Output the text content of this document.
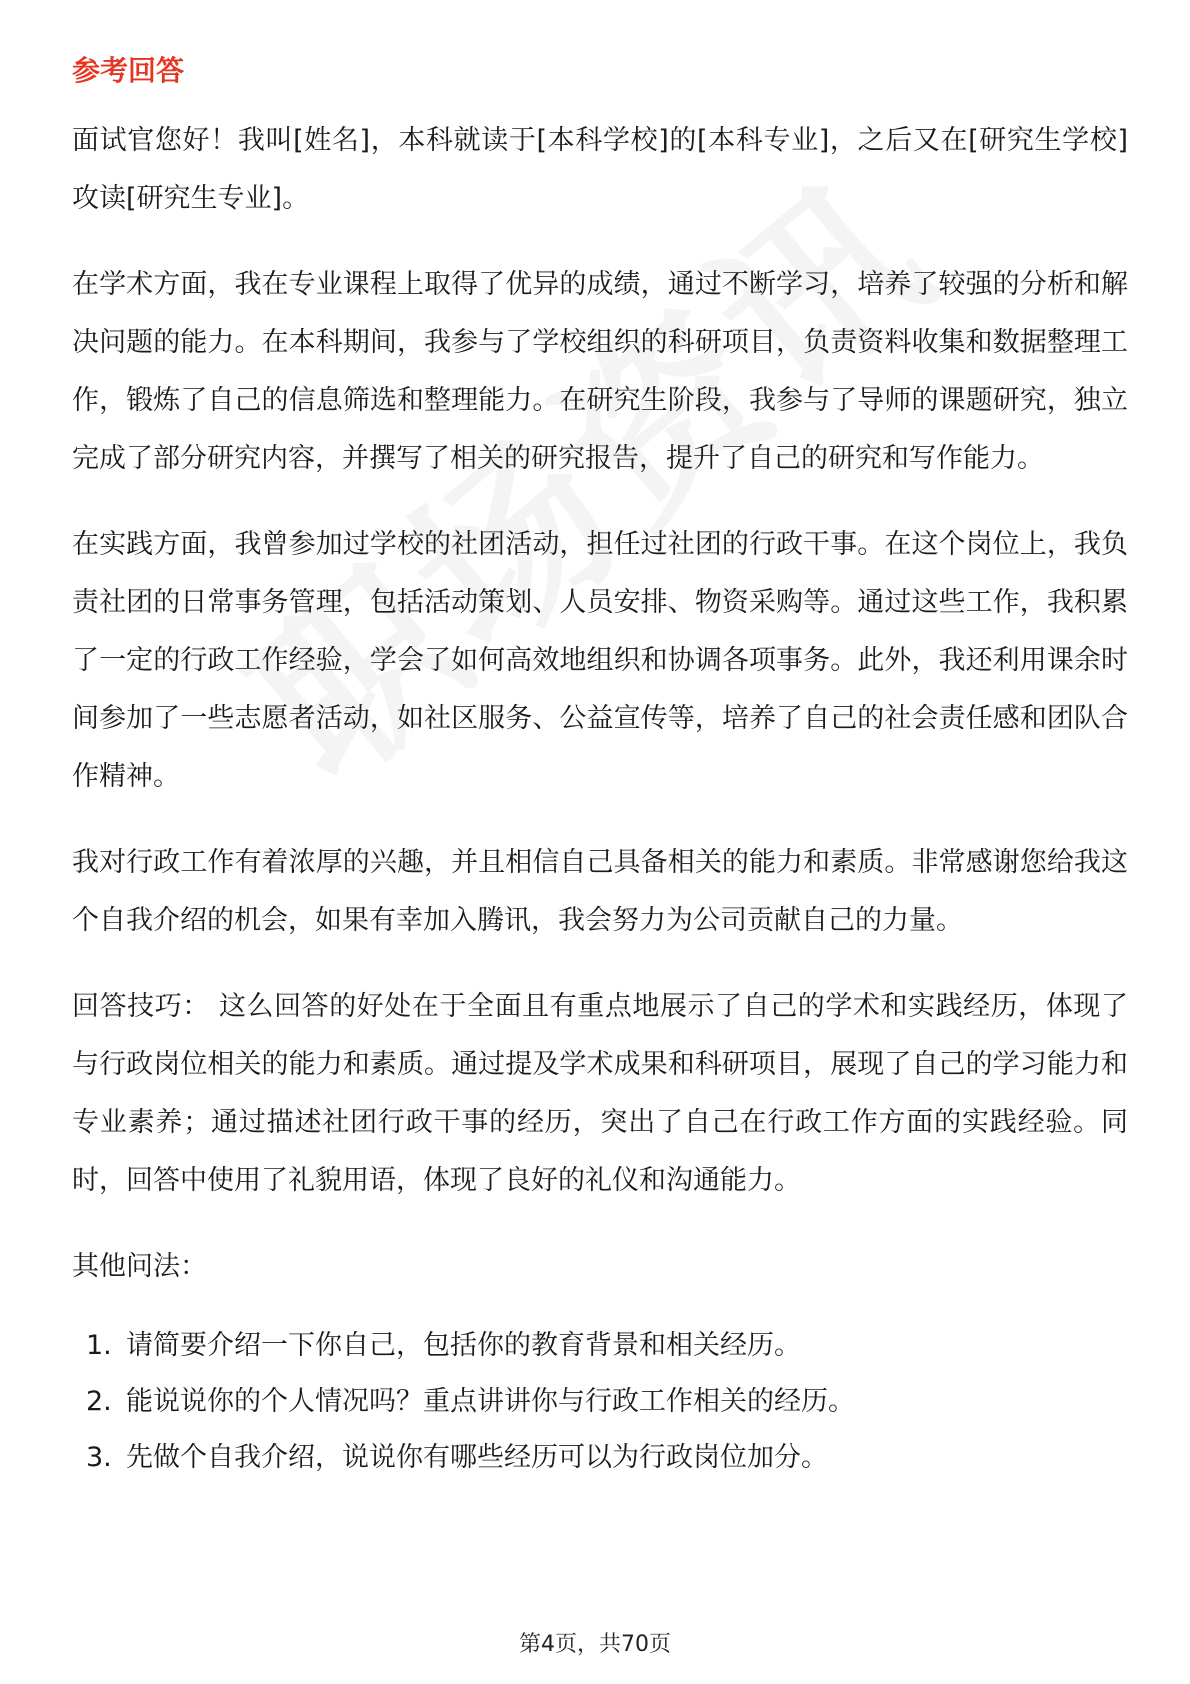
参考回答

面试官您好！我叫[姓名]，本科就读于[本科学校]的[本科专业]，之后又在[研究生学校]攻读[研究生专业]。

在学术方面，我在专业课程上取得了优异的成绩，通过不断学习，培养了较强的分析和解决问题的能力。在本科期间，我参与了学校组织的科研项目，负责资料收集和数据整理工作，锻炼了自己的信息筛选和整理能力。在研究生阶段，我参与了导师的课题研究，独立完成了部分研究内容，并撰写了相关的研究报告，提升了自己的研究和写作能力。

在实践方面，我曾参加过学校的社团活动，担任过社团的行政干事。在这个岗位上，我负责社团的日常事务管理，包括活动策划、人员安排、物资采购等。通过这些工作，我积累了一定的行政工作经验，学会了如何高效地组织和协调各项事务。此外，我还利用课余时间参加了一些志愿者活动，如社区服务、公益宣传等，培养了自己的社会责任感和团队合作精神。

我对行政工作有着浓厚的兴趣，并且相信自己具备相关的能力和素质。非常感谢您给我这个自我介绍的机会，如果有幸加入腾讯，我会努力为公司贡献自己的力量。

回答技巧： 这么回答的好处在于全面且有重点地展示了自己的学术和实践经历，体现了与行政岗位相关的能力和素质。通过提及学术成果和科研项目，展现了自己的学习能力和专业素养；通过描述社团行政干事的经历，突出了自己在行政工作方面的实践经验。同时，回答中使用了礼貌用语，体现了良好的礼仪和沟通能力。

其他问法：
1. 请简要介绍一下你自己，包括你的教育背景和相关经历。
2. 能说说你的个人情况吗？重点讲讲你与行政工作相关的经历。
3. 先做个自我介绍，说说你有哪些经历可以为行政岗位加分。
第4页，共70页
